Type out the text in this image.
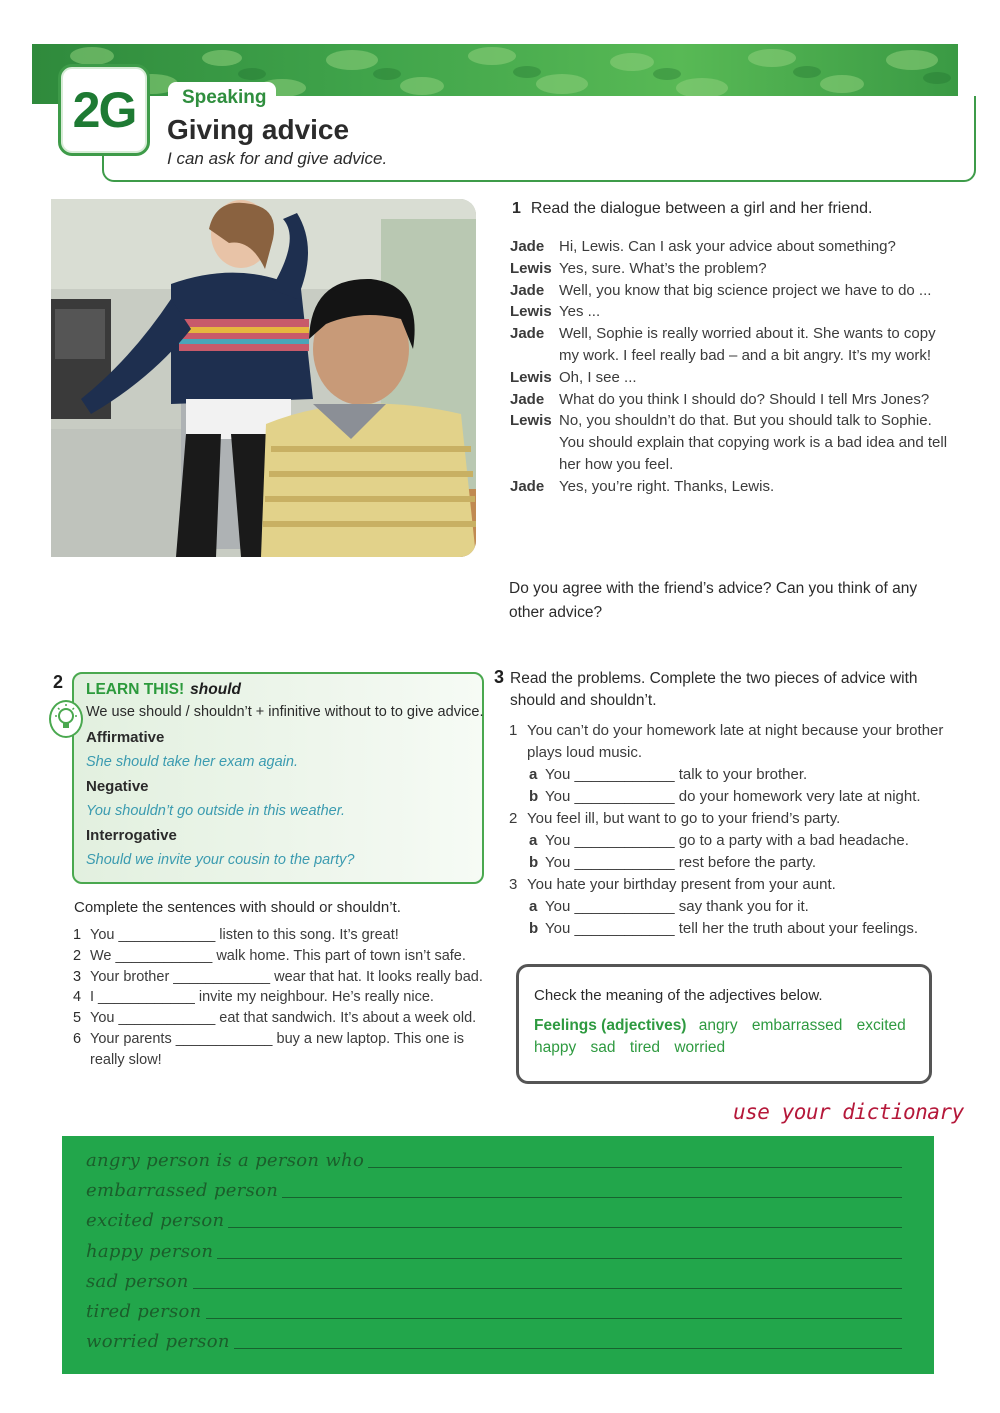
2G	Speaking
Giving advice
I can ask for and give advice.
1 Read the dialogue between a girl and her friend.
Jade Hi, Lewis. Can I ask your advice about something?
Lewis Yes, sure. What’s the problem?
Jade Well, you know that big science project we have to do ...
Lewis Yes ...
Jade Well, Sophie is really worried about it. She wants to copy my work. I feel really bad – and a bit angry. It’s my work!
Lewis Oh, I see ...
Jade What do you think I should do? Should I tell Mrs Jones?
Lewis No, you shouldn’t do that. But you should talk to Sophie. You should explain that copying work is a bad idea and tell her how you feel.
Jade Yes, you’re right. Thanks, Lewis.
Do you agree with the friend’s advice? Can you think of any other advice?
2 LEARN THIS! should
We use should / shouldn’t + infinitive without to to give advice.
Affirmative
She should take her exam again.
Negative
You shouldn’t go outside in this weather.
Interrogative
Should we invite your cousin to the party?
Complete the sentences with should or shouldn’t.
1 You ____________ listen to this song. It’s great!
2 We ____________ walk home. This part of town isn’t safe.
3 Your brother ____________ wear that hat. It looks really bad.
4 I ____________ invite my neighbour. He’s really nice.
5 You ____________ eat that sandwich. It’s about a week old.
6 Your parents ____________ buy a new laptop. This one is really slow!
3 Read the problems. Complete the two pieces of advice with should and shouldn’t.
1 You can’t do your homework late at night because your brother plays loud music.
a You ____________ talk to your brother.
b You ____________ do your homework very late at night.
2 You feel ill, but want to go to your friend’s party.
a You ____________ go to a party with a bad headache.
b You ____________ rest before the party.
3 You hate your birthday present from your aunt.
a You ____________ say thank you for it.
b You ____________ tell her the truth about your feelings.
Check the meaning of the adjectives below.
Feelings (adjectives) angry embarrassed excited happy sad tired worried
use your dictionary
angry person is a person who
embarrassed person
excited person
happy person
sad person
tired person
worried person
